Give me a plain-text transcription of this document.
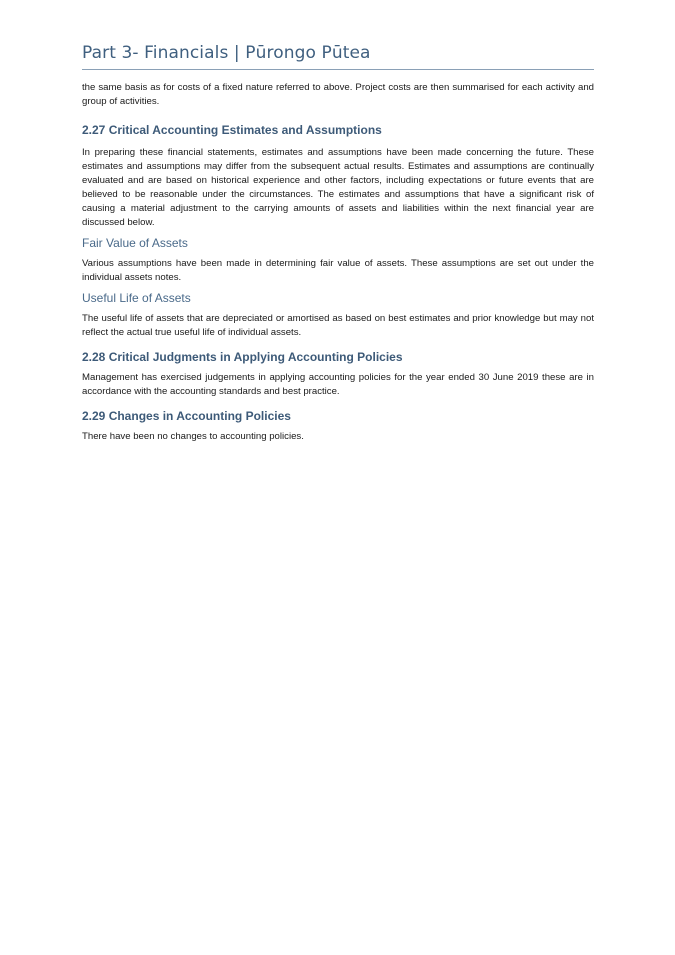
Part 3- Financials | Pūrongo Pūtea

the same basis as for costs of a fixed nature referred to above. Project costs are then summarised for each activity and group of activities.

2.27 Critical Accounting Estimates and Assumptions

In preparing these financial statements, estimates and assumptions have been made concerning the future. These estimates and assumptions may differ from the subsequent actual results. Estimates and assumptions are continually evaluated and are based on historical experience and other factors, including expectations or future events that are believed to be reasonable under the circumstances. The estimates and assumptions that have a significant risk of causing a material adjustment to the carrying amounts of assets and liabilities within the next financial year are discussed below.

Fair Value of Assets

Various assumptions have been made in determining fair value of assets. These assumptions are set out under the individual assets notes.

Useful Life of Assets

The useful life of assets that are depreciated or amortised as based on best estimates and prior knowledge but may not reflect the actual true useful life of individual assets.

2.28 Critical Judgments in Applying Accounting Policies

Management has exercised judgements in applying accounting policies for the year ended 30 June 2019 these are in accordance with the accounting standards and best practice.

2.29 Changes in Accounting Policies

There have been no changes to accounting policies.
